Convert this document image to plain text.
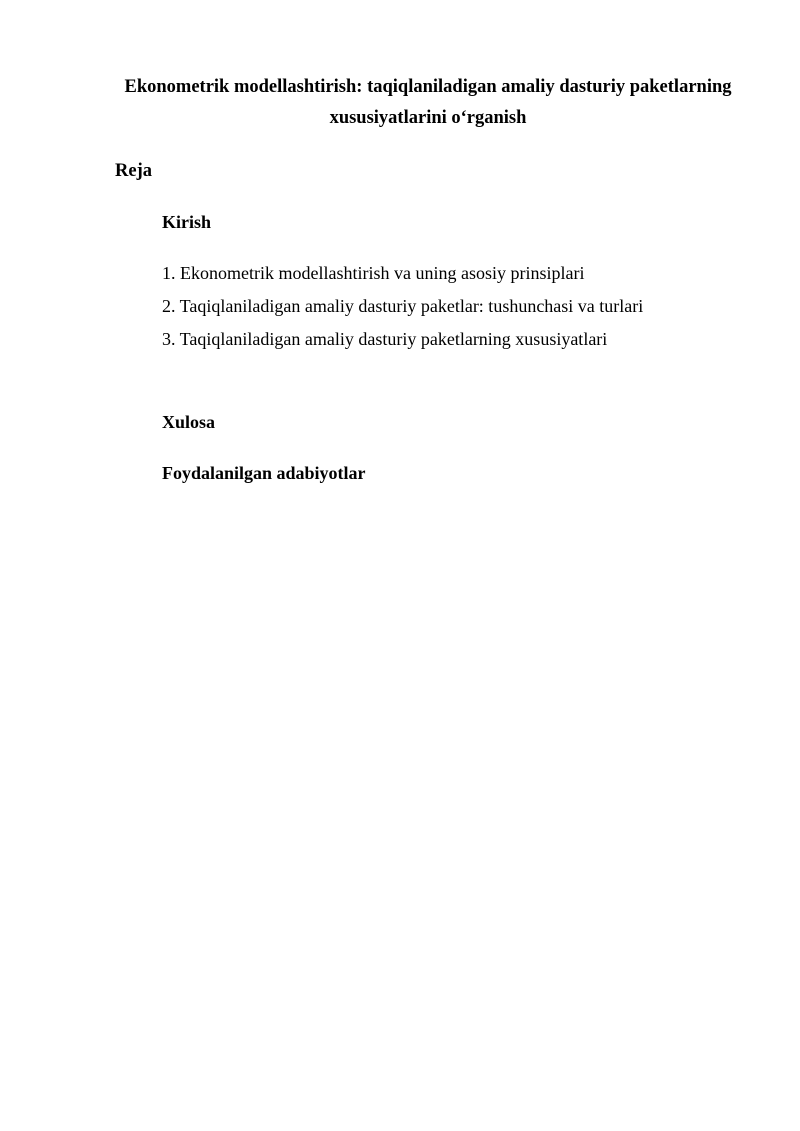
Ekonometrik modellashtirish: taqiqlaniladigan amaliy dasturiy paketlarning
xususiyatlarini o‘rganish
Reja
Kirish
1. Ekonometrik modellashtirish va uning asosiy prinsiplari
2. Taqiqlaniladigan amaliy dasturiy paketlar: tushunchasi va turlari
3. Taqiqlaniladigan amaliy dasturiy paketlarning xususiyatlari
Xulosa
Foydalanilgan adabiyotlar
